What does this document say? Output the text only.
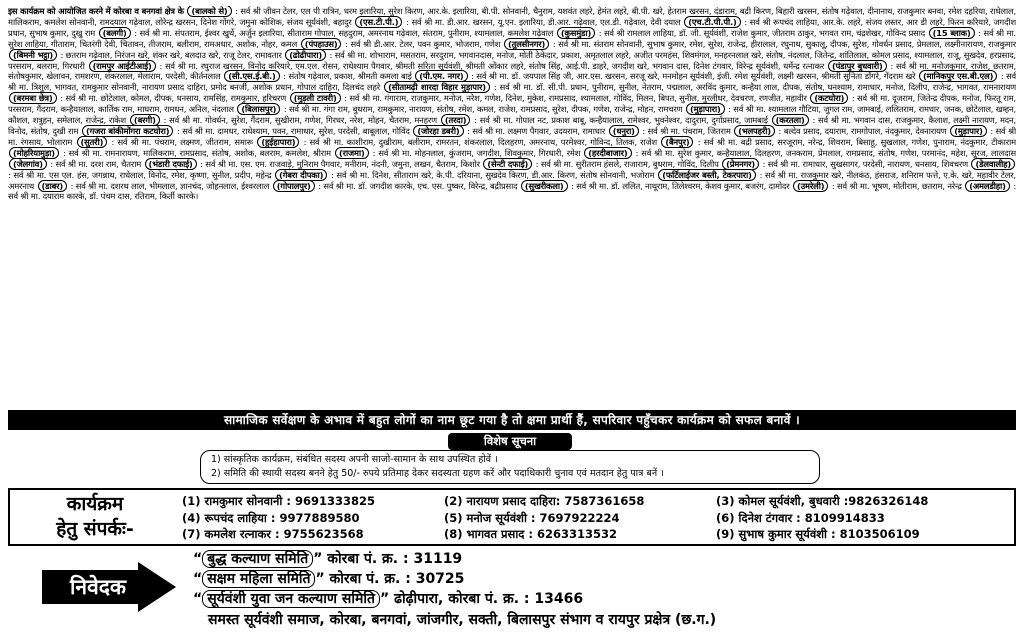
इस कार्यक्रम को आयोजित करने में कोरबा व बनगवां क्षेत्र के (बालको से) : सर्व श्री जीवन टेलर, एल पी रात्रिन, धरम इलारिया, सुरेश किरण, आर.के. इलारिया, बी.पी. सोनवानी, चैनुराम, यशवंत लहरे, हेमंत लहरे, बी.पी. खरे, हेतराम खरसन, दंडाराम, बद्री किरण, बिहारी खरसन, संतोष गढ़ेवाल, दीनानाथ, राजकुमार बनवा, रमेश दहरिया, राधेलाल, मालिकराम, कमलेश सोनवानी, रामदयाल गढ़ेवाल, लोरेन्द्र खरसन, दिनेश गोंगरे, जमुना कोशिक, संजय सूर्यवंशी, बहादुर (एस.टी.पी.) : सर्व श्री मा. डी.आर. खरसन, यू.एन. इलारिया, डी.आर. गढ़ेवाल, एल.डी. गढ़ेवाल, देवी दयाल (एच.टी.पी.पी.) : सर्व श्री रूपचंद लाहिया, आर.के. लहरे, संजय लस्तर, आर डी लहरे, फिरन करियारे, जगदीश प्रधान, सुभाष कुमार, दुखु राम (बलगी) : सर्व श्री मा. संपतराम, ईश्वर खुर्थे, अर्जुन इलारिया, सीताराम गोपाल, सहदुराम, अमरनाथ गढ़ेवाल, संतराम, पुनीराम, श्यामलाल, कमलेश गढ़ेवाल (कुसमुंडा) : सर्व श्री रामलाल लाहिया, डॉ. जी. सूर्यवंशी, राजेश कुमार, जीतराम ठाकुर, भगवत राम, चंद्रशेखर, गोविन्द प्रसाद (15 ब्लाक) : सर्व श्री मा. सुरेश लाहिया, गीताराम, चितरंगी देवी, चितावन, तीजराम, बलीराम, रामअधार, अशोक, नोहर, कमल (पंपहाउस) : सर्व श्री डी.आर. टेलर, पवन कुमार, भोजराम, गणेश (तुलसीनगर) : सर्व श्री मा. संतराम सोनवानी, सुभाष कुमार, रमेश, सुरेश, राजेन्द्र, हीरालाल, रघुनाथ, सुकालू, दीपक, सुरेश, गोवर्धन प्रसाद, प्रेमलाल, लक्ष्मीनारायण, राजकुमार (बिमनी भट्ठा) : छतराम गढ़ेवाल, निरंजन खरे, शंकर खरे, बलदाउ खरे, राजू टेलर, रामावतार (ढोढीपारा) : सर्व श्री मा. शोभाराम, मसतराम, सरदुराम, भगवानदास, मनोज, मोती ठेकेदार, प्रकाश, अमृतलाल लहरे, अजीत परमहंस, शिवमंगल, मनहरनलाल खरे, संतोष, नंदलाल, जितेन्द्र, शांतिलाल, कोमल प्रसाद, श्यामलाल, राजू, सुखदेव, हरप्रसाद, परसराम, बलराम, गिरधारी (रामपुर आईटीआई) : सर्व श्री मा. रघुराज खरसन, विनोद करियारे, एम.एल. रोसन, राधेश्याम पैगवार, श्रीमती सरिता सूर्यवंशी, श्रीमती ओंकार लहरे, संतोष सिंह, आई.पी. डाहरे, जगदीश खरे, भगवान दास, दिनेश टंगवार, विरेन्द्र सूर्यवंशी, धर्मेन्द्र रत्नाकर (पंडापुर बुधवारी) : सर्व श्री मा. मनोजकुमार, राजेश, छतराम, संतोषकुमार, खेलावन, रामशरण, शंकरलाल, मेलाराम, परदेसी, कीर्तनलाल (सी.एस.ई.बी.) : संतोष गढ़ेवाल, प्रकाश, श्रीमती कमला बाई (पी.एम. नगर) : सर्व श्री मा. डॉ. जयपाल सिंह जी, आर.एस. खरसन, सरजू खरे, मनमोहन सूर्यवंशी, इंजी. रमेश सूर्यवंशी, लक्ष्मी खरसन, श्रीमती सुनिता डोंगरे, गेंदराम खरे (मानिकपुर एस.बी.एल) : सर्व श्री मा. त्रिशुल, भागवत, रामकुमार सोनवानी, नारायण प्रसाद दाहिरा, प्रमोद बनर्जी, अशोक प्रधान, गोपाल दाहिरा, दिलचंद लहरे (सीतामढ़ी शारदा विहार मुड़ापार) : सर्व श्री मा. डॉ. सी.पी. प्रधान, पुनीराम, सुनील, नेतराम, पद्मलाल, अरविंद कुमार, कन्हैया लाल, दीपक, संतोष, घनश्याम, रामाधार, मनोज, दिलीप, राजेन्द्र, भागवत, रामनारायण (बरमबा छेत्र) : सर्व श्री मा. छोटेलाल, कोमल, दीपक, धनसाय, रामसिंह, रामकुमार, हरिचरण (मुड़ली टावरी) : सर्व श्री मा. गंगाराम, राजकुमार, मनोज, नरेश, गणेश, दिनेश, मुकेश, रामप्रसाद, श्यामलाल, गोविंद, मिलन, बिपत, सुनील, मुरलीधर, देवचरण, रणजीत, महावीर (कटघोरा) : सर्व श्री मा. दूजराम, जितेन्द्र दीपक, मनोज, फिरतू राम, परसराम, गैंदराम, कन्हैयालाल, कार्तिक राम, माघराम, रामधन, अनिल, नंदलाल (बिलासपुर) : सर्व श्री मा. गंगा राम, बुधराम, रामकुमार, नारायण, संतोष, रमेश, कमल, राजेश, रामप्रसाद, सुरेश, दीपक, गणेश, राजेन्द्र, मोहन, रामचरण (मुड़ापारा) : सर्व श्री मा. श्यामलाल गौटिया, जुगल राम, जामबाई, ललितराम, रामधार, जनक, छोटेलाल, खम्हन, कौशल, शत्रुहन, समेलाल, राजेन्द्र, राकेश (बरगी) : सर्व श्री मा. गोवर्धन, सुरेश, गैंदराम, सुखीराम, गणेश, गिरधर, नरेश, मोहन, चैतराम, मनहरण (तरदा) : सर्व श्री मा. गोपाल नट, प्रकाश बाबू, कन्हैयालाल, रामेश्वर, भुवनेश्वर, दादुराम, दुर्गाप्रसाद, जामबाई (करतला) : सर्व श्री मा. भगवान दास, राजकुमार, कैलाश, लक्ष्मी नारायण, मदन, विनोद, संतोष, दुखी राम (गजरा बांकीमोंगरा कटघोरा) : सर्व श्री मा. दामधर, राधेश्याम, पवन, रामाधार, सुरेश, परदेसी, बाबूलाल, गोविंद (जोरहा डबरी) : सर्व श्री मा. लक्ष्मण पैगवार, उदयराम, रामाधार (धनुरा) : सर्व श्री मा. पंचराम, जितराम (भलपहरी) : बल्देव प्रसाद, दयाराम, रामगोपाल, नंदकुमार, देवनारायण (मुड़ापार) : सर्व श्री मा. रंगसाय, भोलाराम (सुतरी) : सर्व श्री मा. पंचराम, लक्ष्मण, जीतराम, समारू (हुईहापारा) : सर्व श्री मा. काशीराम, दुखीराम, बलीराम, रामरतन, शंकरलाल, दिलहरण, अमरनाथ, परमेश्वर, गोविन्द, तिलक, राजेश (बैनपुर) : सर्व श्री मा. बद्री प्रसाद, सरजूराम, नरेन्द्र, शिवराम, बिसाहू, सुखलाल, गणेश, पुनाराम, नंदकुमार, टीकाराम (मोहरियामुड़ा) : सर्व श्री मा. रामनारायण, मालिकराम, रामप्रसाद, संतोष, अशोक, बलराम, कमलेश, श्रीराम (राजमा) : सर्व श्री मा. मोहनलाल, कुंजराम, जगदीश, शिवकुमार, गिरधारी, रमेश (हरदीबाजार) : सर्व श्री मा. सुरेश कुमार, कन्हैयालाल, दिलहरण, जनकराम, प्रेमलाल, रामप्रसाद, संतोष, गणेश, परमानंद, महेश, सूरज, लालदास (जेलगांव) : सर्व श्री मा. दरश राम, चैतराम (भंडारी दफाई) : सर्व श्री मा. एस. एम. राजवाड़े, मुनिराम पैगवार, मनीराम, नंदनी, जमुना, लखन, चैतराम, किशोर (सेन्टी दफाई) : सर्व श्री मा. सुरीतराम हंसले, राजाराम, बुधराम, गोविंद, दिलीप (प्रेमनगर) : सर्व श्री मा. रामाधार, सुखसागर, परदेसी, नारायण, धनसाय, शिवचरण (डेलवालीह) : सर्व श्री मा. एस एल. हंस, जगन्नाथ, राधेलाल, विनोद, रमेश, कृष्णा, सुनील, प्रदीप, महेन्द्र (गेबरा दीपका) : सर्व श्री मा. दिनेश, सीताराम खरे, के.पी. दरियाना, सुखदेव किरण, डी.आर. किरण, संतोष सोनवानी, भजोराम (फर्टिलाईजर बस्ती, टेकरपारा) : सर्व श्री मा. राजकुमार खरे, नीलकंठ, हंसराज, शनिराम फत्ते, ए.के. खरे, महावीर टेलर, अमरनाथ (डाबर) : सर्व श्री मा. दशरथ लाल, भीमलाल, ज्ञानचंद, जोहनलाल, ईश्वरलाल (गोपालपुर) : सर्व श्री मा. डॉ. जगदीश कारके, एच. एस. पुष्कर, विरेन्द्र, बद्रीप्रसाद (सुखरीकला) : सर्व श्री मा. डॉ. ललित, नाथूराम, तिलेश्वरम, केशव कुमार, बजरंग, दामोदर (उमरेली) : सर्व श्री मा. भूषण, मोतीराम, छतराम, नरेन्द्र (अमलडीहा) : सर्व श्री मा. दयाराम कारके, डॉ. पंचम दास, रतिराम, किर्ती कारके।
सामाजिक सर्वेक्षण के अभाव में बहुत लोगों का नाम छूट गया है तो क्षमा प्रार्थी हैं, सपरिवार पहुँचकर कार्यक्रम को सफल बनावें ।
विशेष सूचना
1) सांस्कृतिक कार्यक्रम, संबंधित सदस्य अपनी साजो-सामान के साथ उपस्थित होवें ।
2) समिति की स्थायी सदस्य बनने हेतु 50/- रुपये प्रतिमाह देकर सदस्यता ग्रहण करें और पदाधिकारी चुनाव एवं मतदान हेतु पात्र बनें ।
कार्यक्रम
हेतु संपर्कः-
(1) रामकुमार सोनवानी : 9691333825	(2) नारायण प्रसाद दाहिरा: 7587361658	(3) कोमल सूर्यवंशी, बुधवारी :9826326148
(4) रूपचंद लाहिया : 9977889580	(5) मनोज सूर्यवंशी : 7697922224	(6) दिनेश टंगवार : 8109914833
(7) कमलेश रत्नाकर : 9755623568	(8) भागवत प्रसाद : 6263313532	(9) सुभाष कुमार सूर्यवंशी : 8103506109
निवेदक
“ बुद्ध कल्याण समिति ” कोरबा पं. क्र. : 31119
“ सक्षम महिला समिति ” कोरबा पं. क्र. : 30725
“ सूर्यवंशी युवा जन कल्याण समिति ” ढोढ़ीपारा, कोरबा पं. क्र. : 13466
समस्त सूर्यवंशी समाज, कोरबा, बनगवां, जांजगीर, सक्ती, बिलासपुर संभाग व रायपुर प्रक्षेत्र (छ.ग.)
